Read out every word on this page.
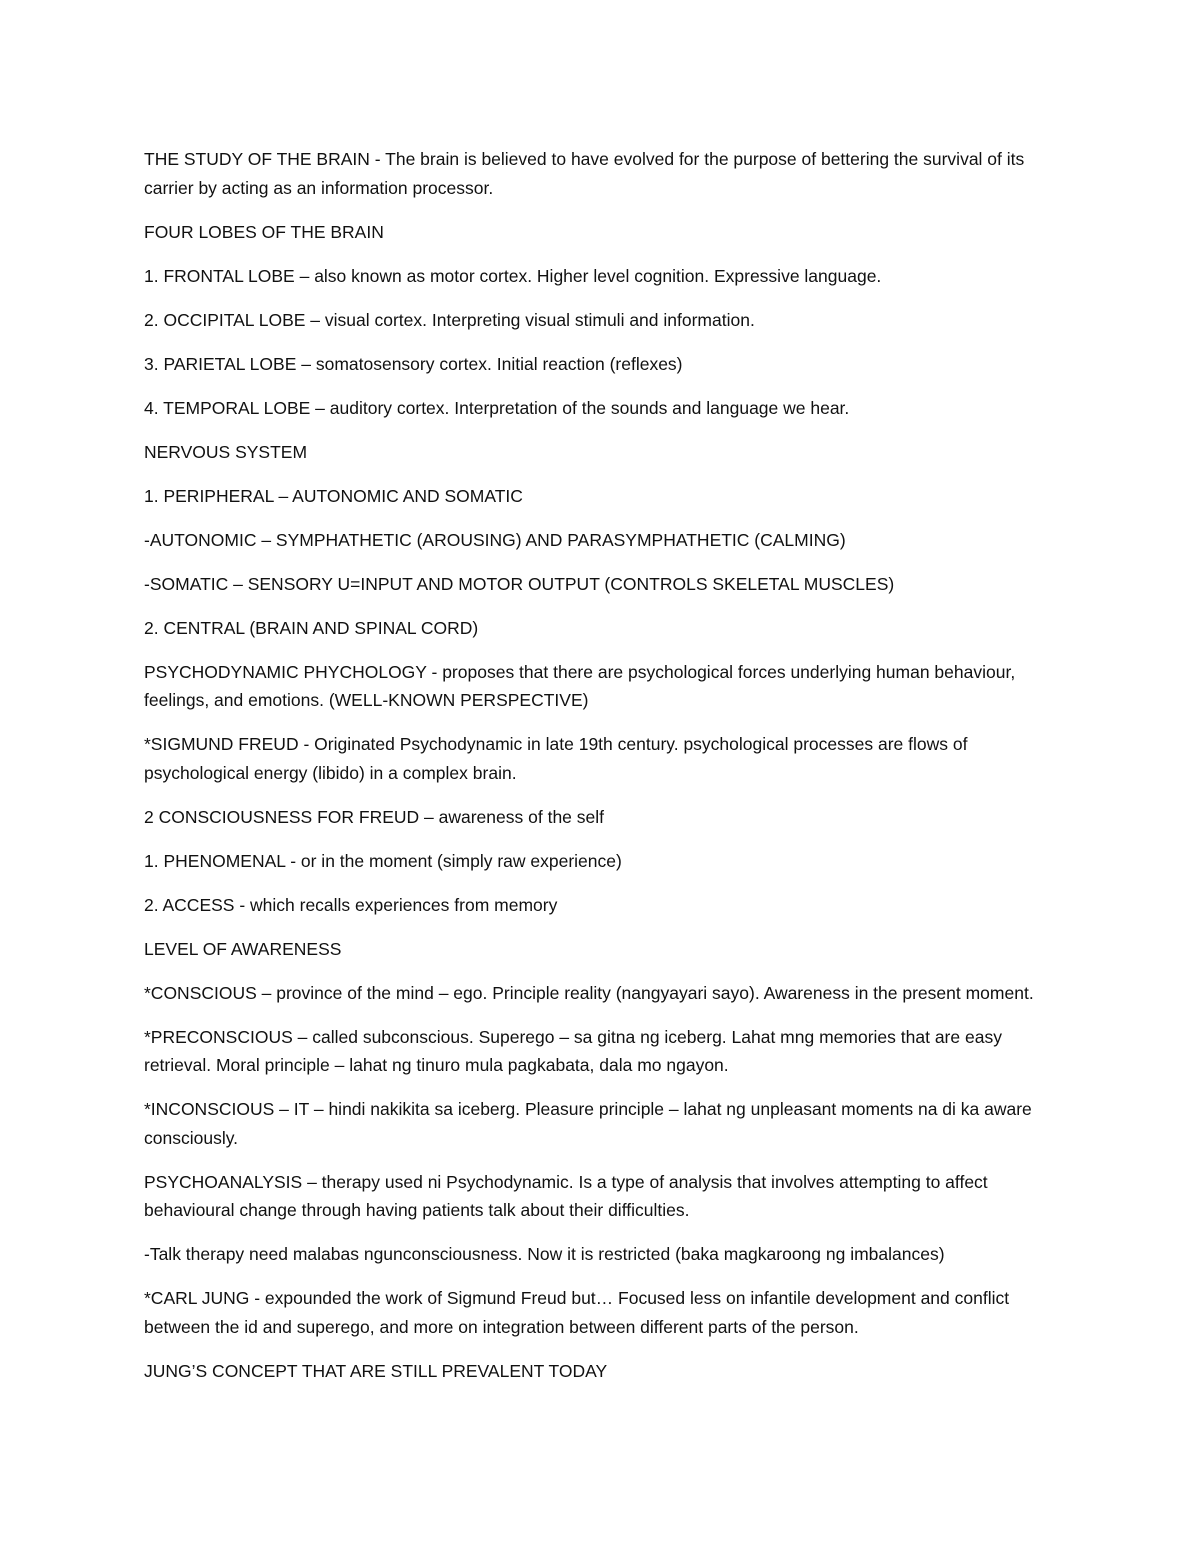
THE STUDY OF THE BRAIN - The brain is believed to have evolved for the purpose of bettering the survival of its carrier by acting as an information processor.

FOUR LOBES OF THE BRAIN

1. FRONTAL LOBE – also known as motor cortex. Higher level cognition. Expressive language.

2. OCCIPITAL LOBE – visual cortex. Interpreting visual stimuli and information.

3. PARIETAL LOBE – somatosensory cortex. Initial reaction (reflexes)

4. TEMPORAL LOBE – auditory cortex. Interpretation of the sounds and language we hear.

NERVOUS SYSTEM

1. PERIPHERAL – AUTONOMIC AND SOMATIC

-AUTONOMIC – SYMPHATHETIC (AROUSING) AND PARASYMPHATHETIC (CALMING)

-SOMATIC – SENSORY U=INPUT AND MOTOR OUTPUT (CONTROLS SKELETAL MUSCLES)

2. CENTRAL (BRAIN AND SPINAL CORD)

PSYCHODYNAMIC PHYCHOLOGY - proposes that there are psychological forces underlying human behaviour, feelings, and emotions. (WELL-KNOWN PERSPECTIVE)

*SIGMUND FREUD - Originated Psychodynamic in late 19th century. psychological processes are flows of psychological energy (libido) in a complex brain.

2 CONSCIOUSNESS FOR FREUD – awareness of the self

1. PHENOMENAL - or in the moment (simply raw experience)

2. ACCESS - which recalls experiences from memory

LEVEL OF AWARENESS

*CONSCIOUS – province of the mind – ego. Principle reality (nangyayari sayo). Awareness in the present moment.

*PRECONSCIOUS – called subconscious. Superego – sa gitna ng iceberg. Lahat mng memories that are easy retrieval. Moral principle – lahat ng tinuro mula pagkabata, dala mo ngayon.

*INCONSCIOUS – IT – hindi nakikita sa iceberg. Pleasure principle – lahat ng unpleasant moments na di ka aware consciously.

PSYCHOANALYSIS – therapy used ni Psychodynamic. Is a type of analysis that involves attempting to affect behavioural change through having patients talk about their difficulties.

-Talk therapy need malabas ngunconsciousness. Now it is restricted (baka magkaroong ng imbalances)

*CARL JUNG - expounded the work of Sigmund Freud but… Focused less on infantile development and conflict between the id and superego, and more on integration between different parts of the person.

JUNG’S CONCEPT THAT ARE STILL PREVALENT TODAY
